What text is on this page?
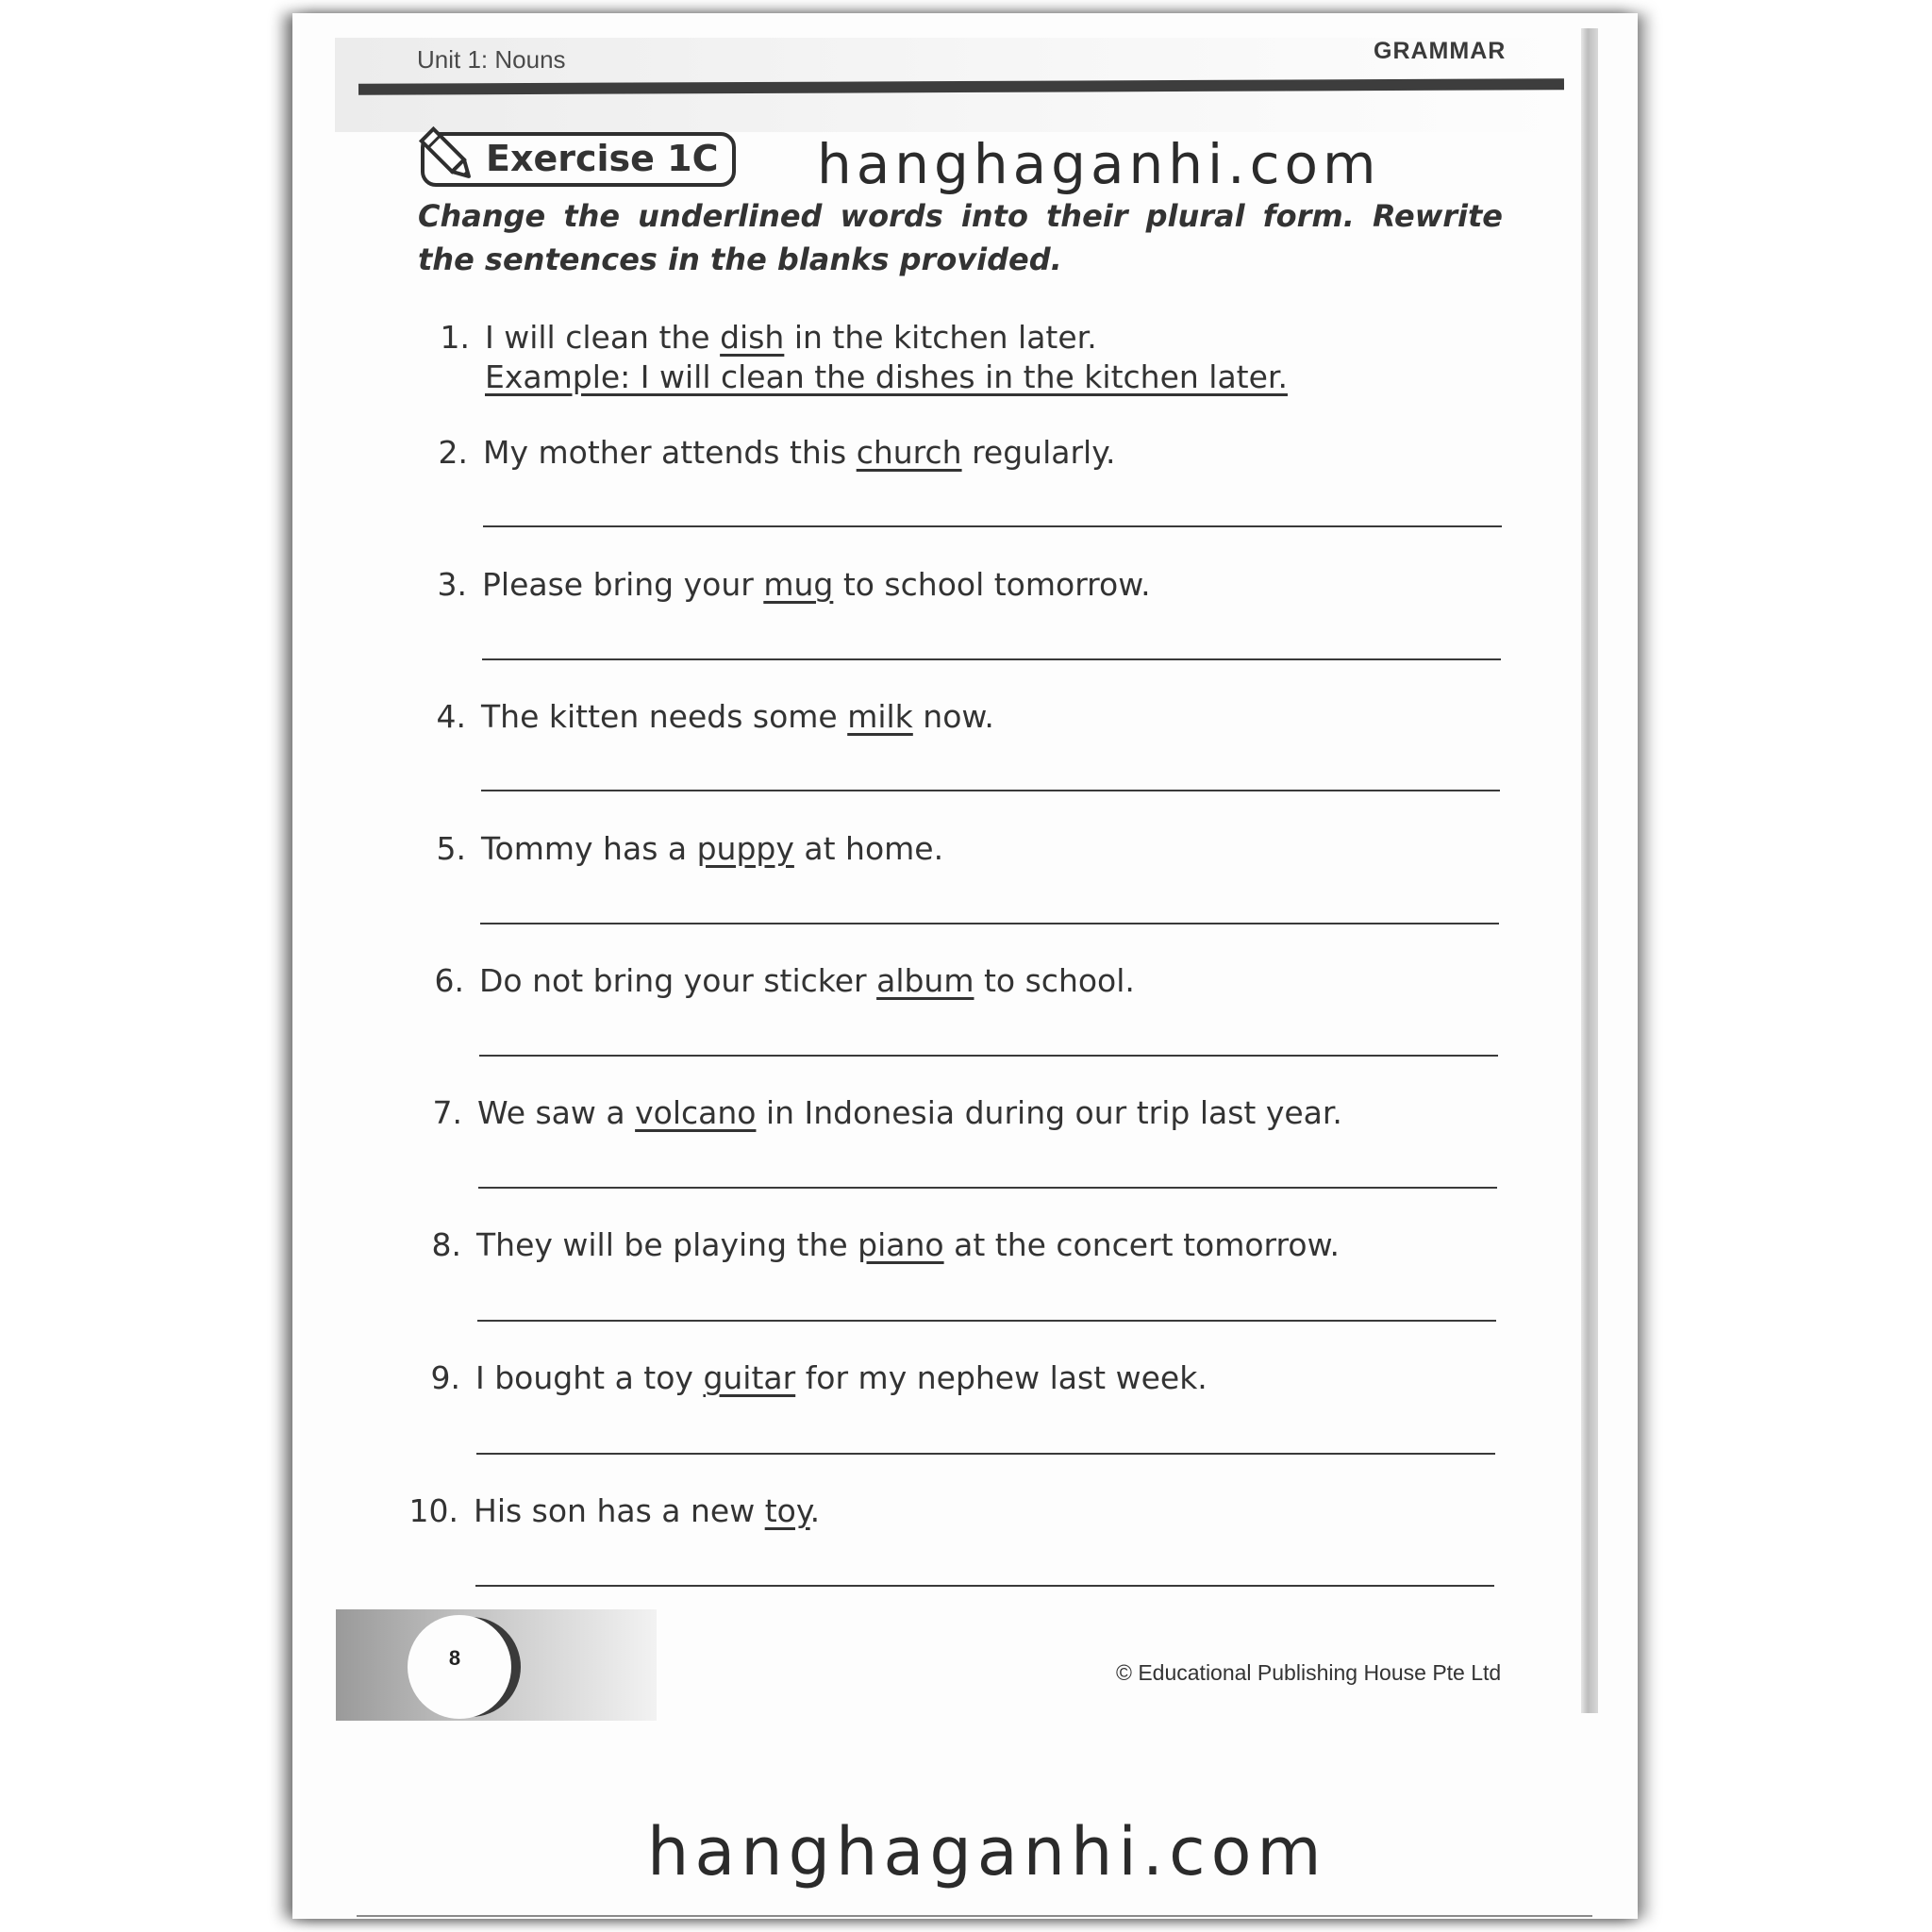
Unit 1: Nouns	GRAMMAR
Exercise 1C hanghaganhi.com
Change the underlined words into their plural form. Rewrite the sentences in the blanks provided.
1. I will clean the dish in the kitchen later.
Example: I will clean the dishes in the kitchen later.
2. My mother attends this church regularly.
3. Please bring your mug to school tomorrow.
4. The kitten needs some milk now.
5. Tommy has a puppy at home.
6. Do not bring your sticker album to school.
7. We saw a volcano in Indonesia during our trip last year.
8. They will be playing the piano at the concert tomorrow.
9. I bought a toy guitar for my nephew last week.
10. His son has a new toy.
8
© Educational Publishing House Pte Ltd
hanghaganhi.com
